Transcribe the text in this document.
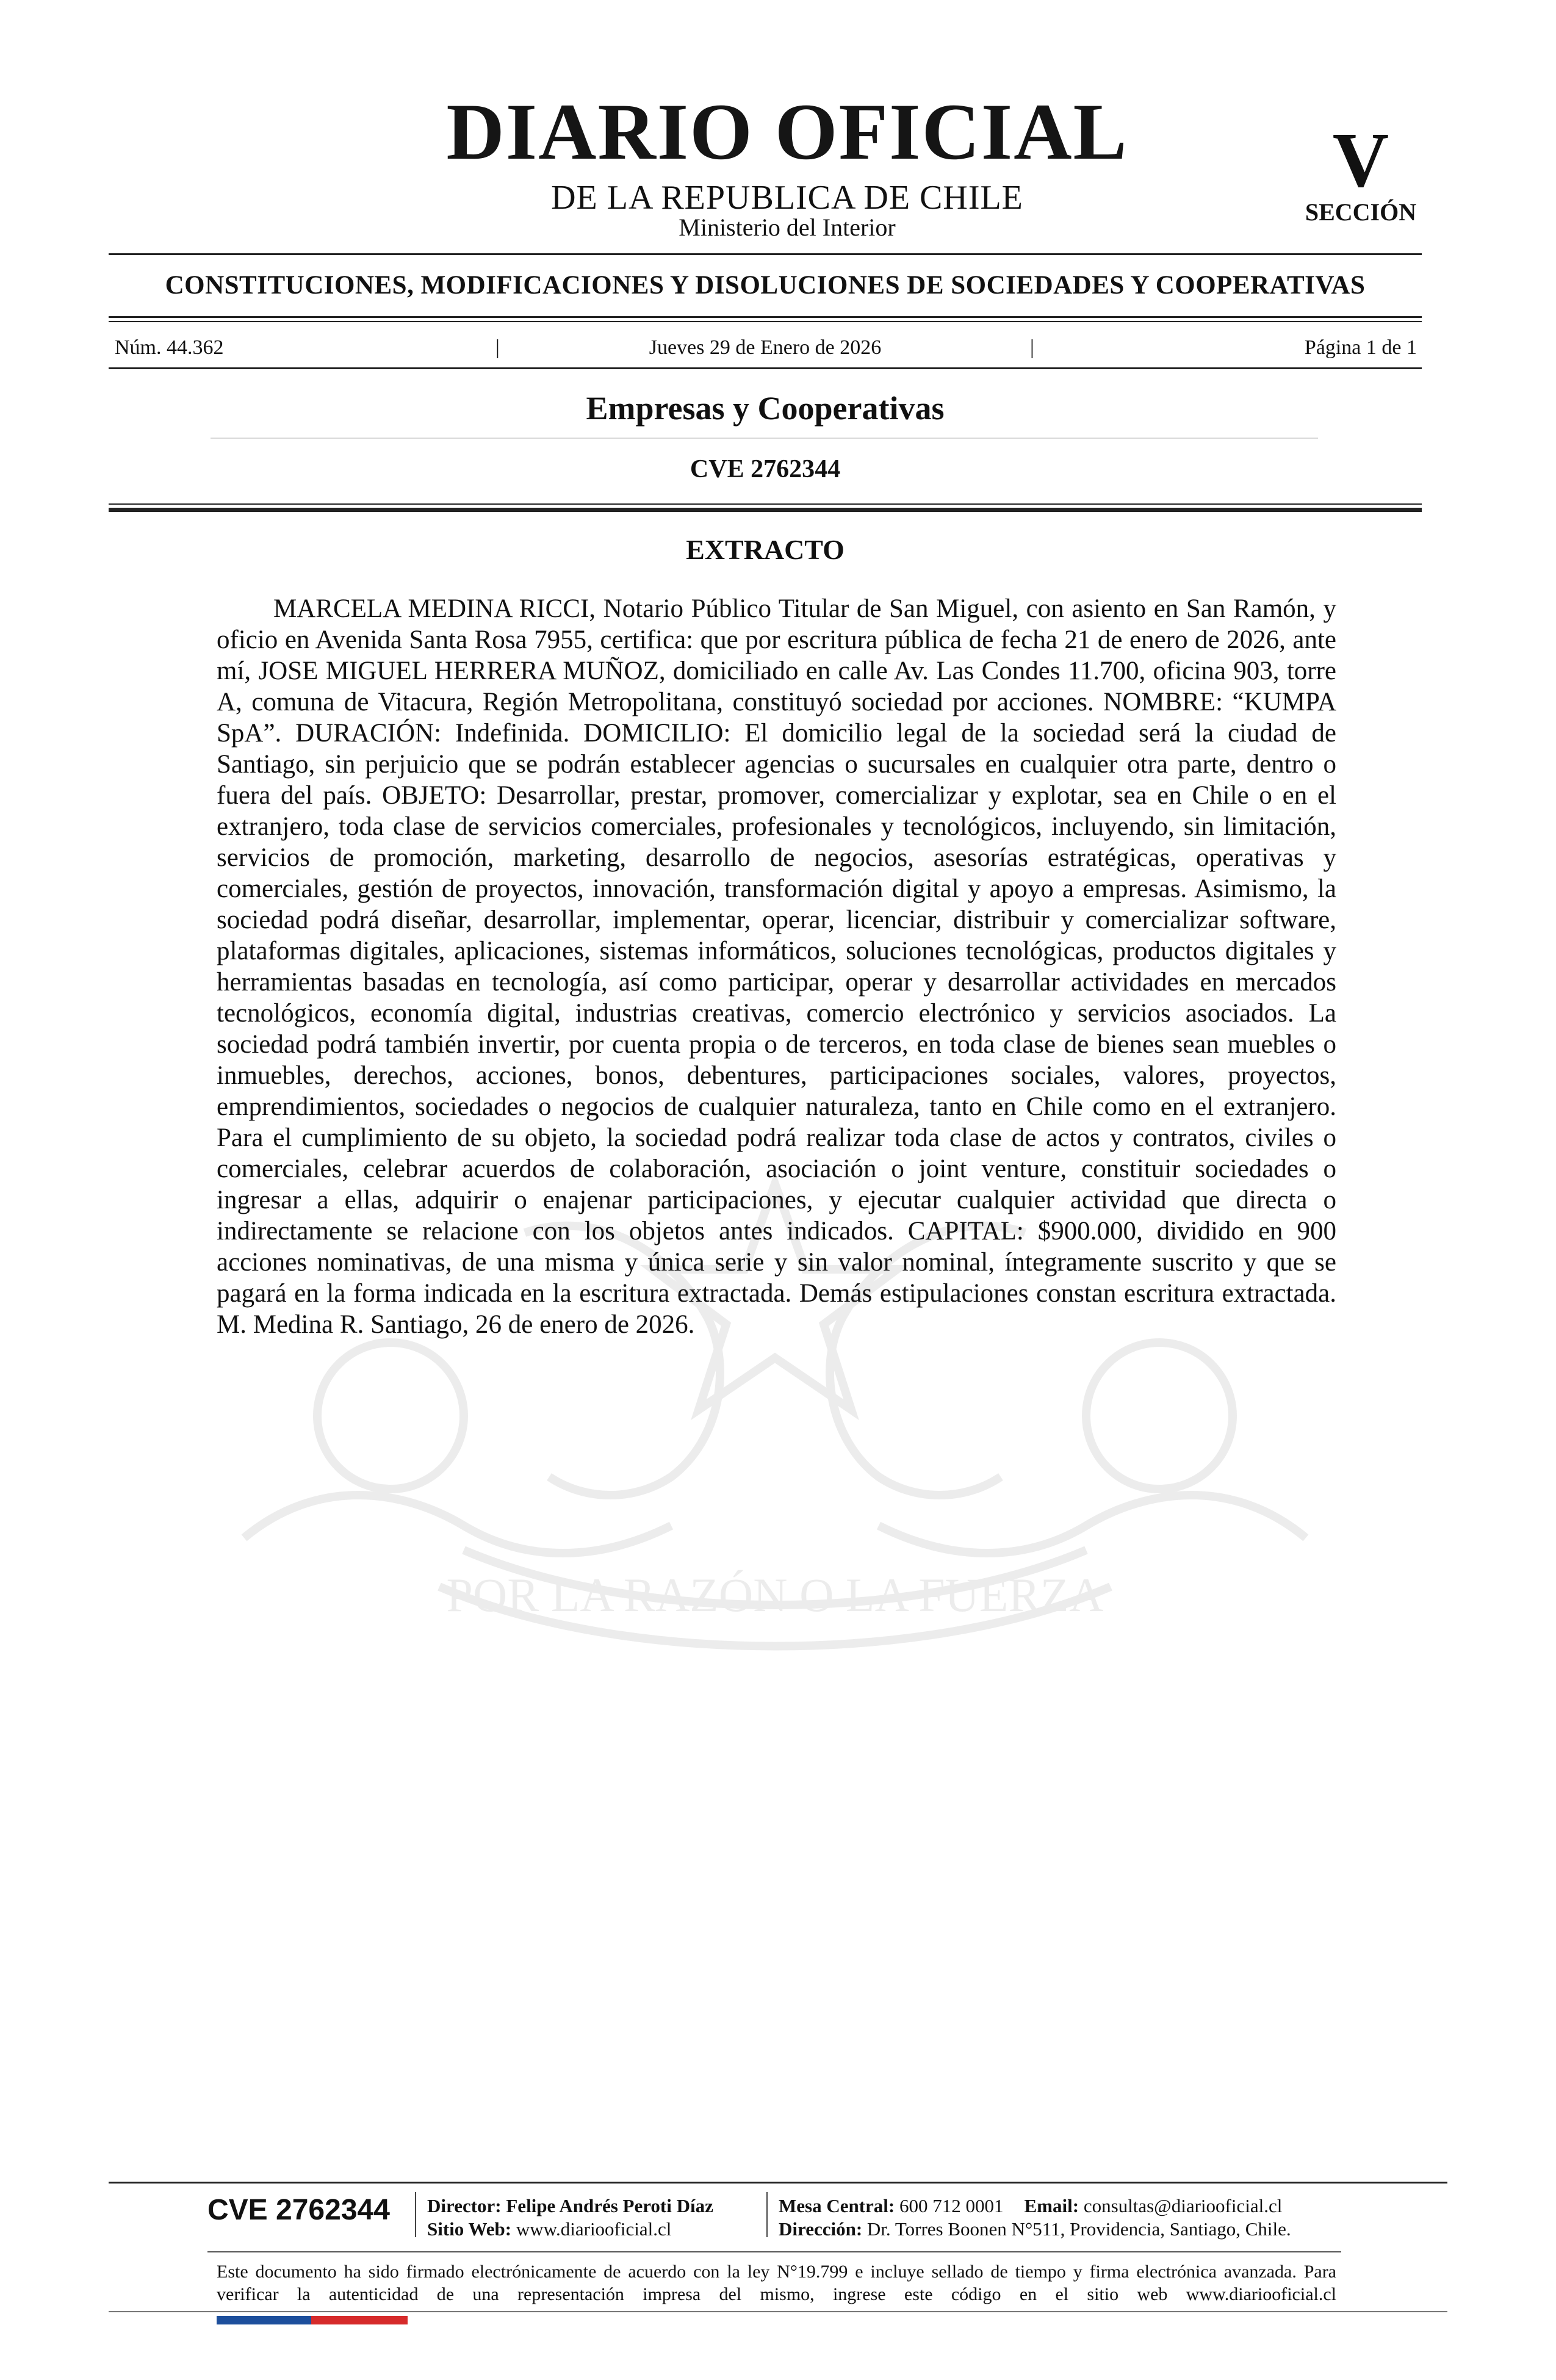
DIARIO OFICIAL
DE LA REPUBLICA DE CHILE
Ministerio del Interior
V
SECCIÓN
CONSTITUCIONES, MODIFICACIONES Y DISOLUCIONES DE SOCIEDADES Y COOPERATIVAS
Jueves 29 de Enero de 2026
Núm. 44.362	|	|	Página 1 de 1
Empresas y Cooperativas
CVE 2762344
POR LA RAZÓN O LA FUERZA
EXTRACTO

MARCELA MEDINA RICCI, Notario Público Titular de San Miguel, con asiento en San Ramón, y oficio en Avenida Santa Rosa 7955, certifica: que por escritura pública de fecha 21 de enero de 2026, ante mí, JOSE MIGUEL HERRERA MUÑOZ, domiciliado en calle Av. Las Condes 11.700, oficina 903, torre A, comuna de Vitacura, Región Metropolitana, constituyó sociedad por acciones. NOMBRE: “KUMPA SpA”. DURACIÓN: Indefinida. DOMICILIO: El domicilio legal de la sociedad será la ciudad de Santiago, sin perjuicio que se podrán establecer agencias o sucursales en cualquier otra parte, dentro o fuera del país. OBJETO: Desarrollar, prestar, promover, comercializar y explotar, sea en Chile o en el extranjero, toda clase de servicios comerciales, profesionales y tecnológicos, incluyendo, sin limitación, servicios de promoción, marketing, desarrollo de negocios, asesorías estratégicas, operativas y comerciales, gestión de proyectos, innovación, transformación digital y apoyo a empresas. Asimismo, la sociedad podrá diseñar, desarrollar, implementar, operar, licenciar, distribuir y comercializar software, plataformas digitales, aplicaciones, sistemas informáticos, soluciones tecnológicas, productos digitales y herramientas basadas en tecnología, así como participar, operar y desarrollar actividades en mercados tecnológicos, economía digital, industrias creativas, comercio electrónico y servicios asociados. La sociedad podrá también invertir, por cuenta propia o de terceros, en toda clase de bienes sean muebles o inmuebles, derechos, acciones, bonos, debentures, participaciones sociales, valores, proyectos, emprendimientos, sociedades o negocios de cualquier naturaleza, tanto en Chile como en el extranjero. Para el cumplimiento de su objeto, la sociedad podrá realizar toda clase de actos y contratos, civiles o comerciales, celebrar acuerdos de colaboración, asociación o joint venture, constituir sociedades o ingresar a ellas, adquirir o enajenar participaciones, y ejecutar cualquier actividad que directa o indirectamente se relacione con los objetos antes indicados. CAPITAL: $900.000, dividido en 900 acciones nominativas, de una misma y única serie y sin valor nominal, íntegramente suscrito y que se pagará en la forma indicada en la escritura extractada. Demás estipulaciones constan escritura extractada. M. Medina R. Santiago, 26 de enero de 2026.

CVE 2762344 Director: Felipe Andrés Peroti Díaz
Sitio Web: www.diariooficial.cl
Mesa Central: 600 712 0001 Email: consultas@diariooficial.cl
Dirección: Dr. Torres Boonen N°511, Providencia, Santiago, Chile.

Este documento ha sido firmado electrónicamente de acuerdo con la ley N°19.799 e incluye sellado de tiempo y firma electrónica avanzada. Para verificar la autenticidad de una representación impresa del mismo, ingrese este código en el sitio web www.diariooficial.cl
